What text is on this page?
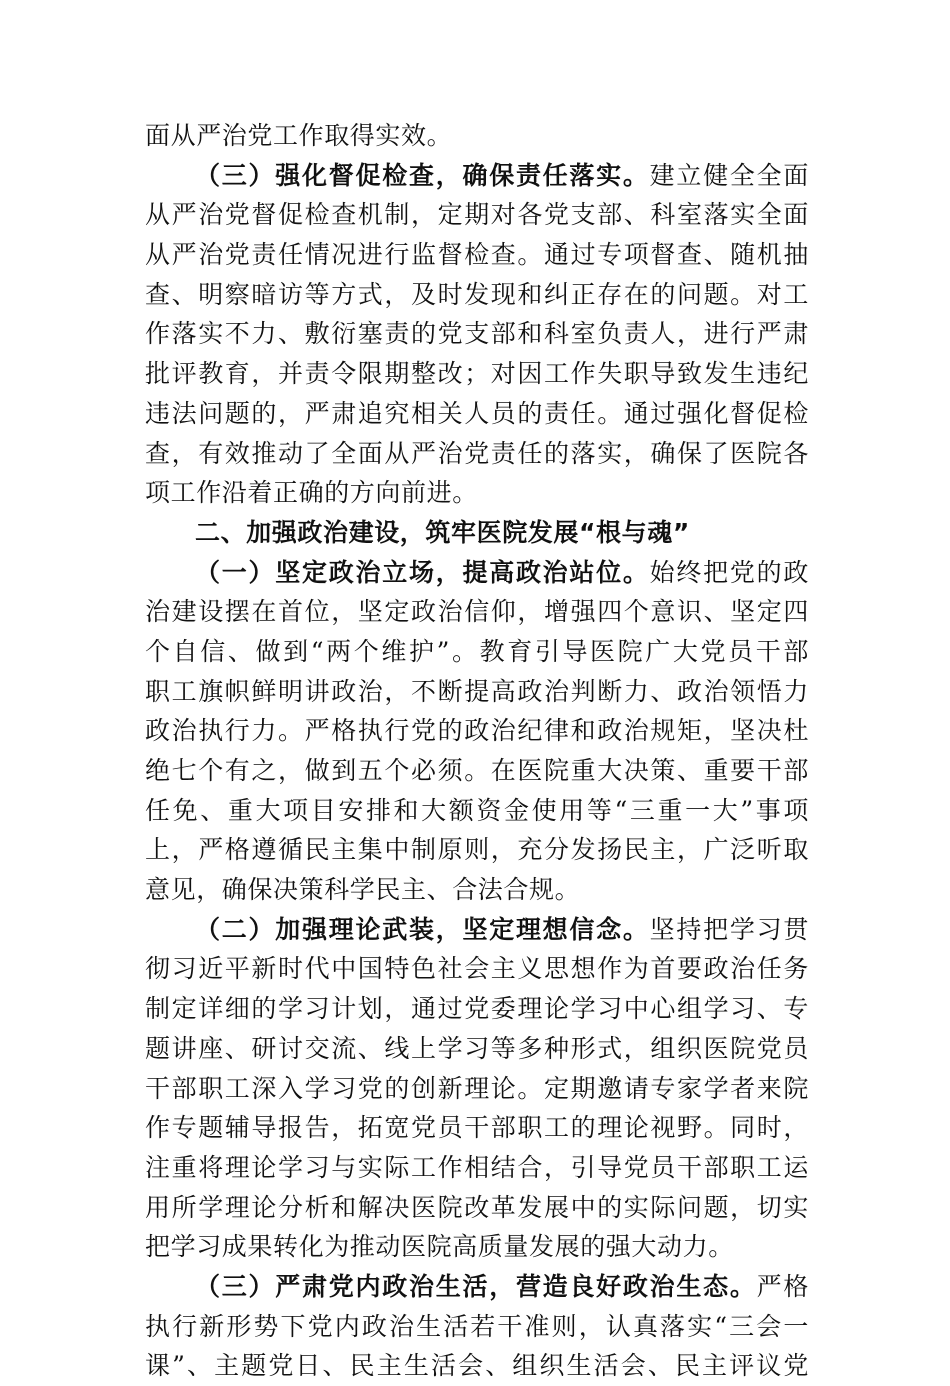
面从严治党工作取得实效。
（三）强化督促检查，确保责任落实。建立健全全面
从严治党督促检查机制，定期对各党支部、科室落实全面
从严治党责任情况进行监督检查。通过专项督查、随机抽
查、明察暗访等方式，及时发现和纠正存在的问题。对工
作落实不力、敷衍塞责的党支部和科室负责人，进行严肃
批评教育，并责令限期整改；对因工作失职导致发生违纪
违法问题的，严肃追究相关人员的责任。通过强化督促检
查，有效推动了全面从严治党责任的落实，确保了医院各
项工作沿着正确的方向前进。
二、加强政治建设，筑牢医院发展“根与魂”
（一）坚定政治立场，提高政治站位。始终把党的政
治建设摆在首位，坚定政治信仰，增强四个意识、坚定四
个自信、做到“两个维护”。教育引导医院广大党员干部
职工旗帜鲜明讲政治，不断提高政治判断力、政治领悟力
政治执行力。严格执行党的政治纪律和政治规矩，坚决杜
绝七个有之，做到五个必须。在医院重大决策、重要干部
任免、重大项目安排和大额资金使用等“三重一大”事项
上，严格遵循民主集中制原则，充分发扬民主，广泛听取
意见，确保决策科学民主、合法合规。
（二）加强理论武装，坚定理想信念。坚持把学习贯
彻习近平新时代中国特色社会主义思想作为首要政治任务
制定详细的学习计划，通过党委理论学习中心组学习、专
题讲座、研讨交流、线上学习等多种形式，组织医院党员
干部职工深入学习党的创新理论。定期邀请专家学者来院
作专题辅导报告，拓宽党员干部职工的理论视野。同时，
注重将理论学习与实际工作相结合，引导党员干部职工运
用所学理论分析和解决医院改革发展中的实际问题，切实
把学习成果转化为推动医院高质量发展的强大动力。
（三）严肃党内政治生活，营造良好政治生态。严格
执行新形势下党内政治生活若干准则，认真落实“三会一
课”、主题党日、民主生活会、组织生活会、民主评议党
